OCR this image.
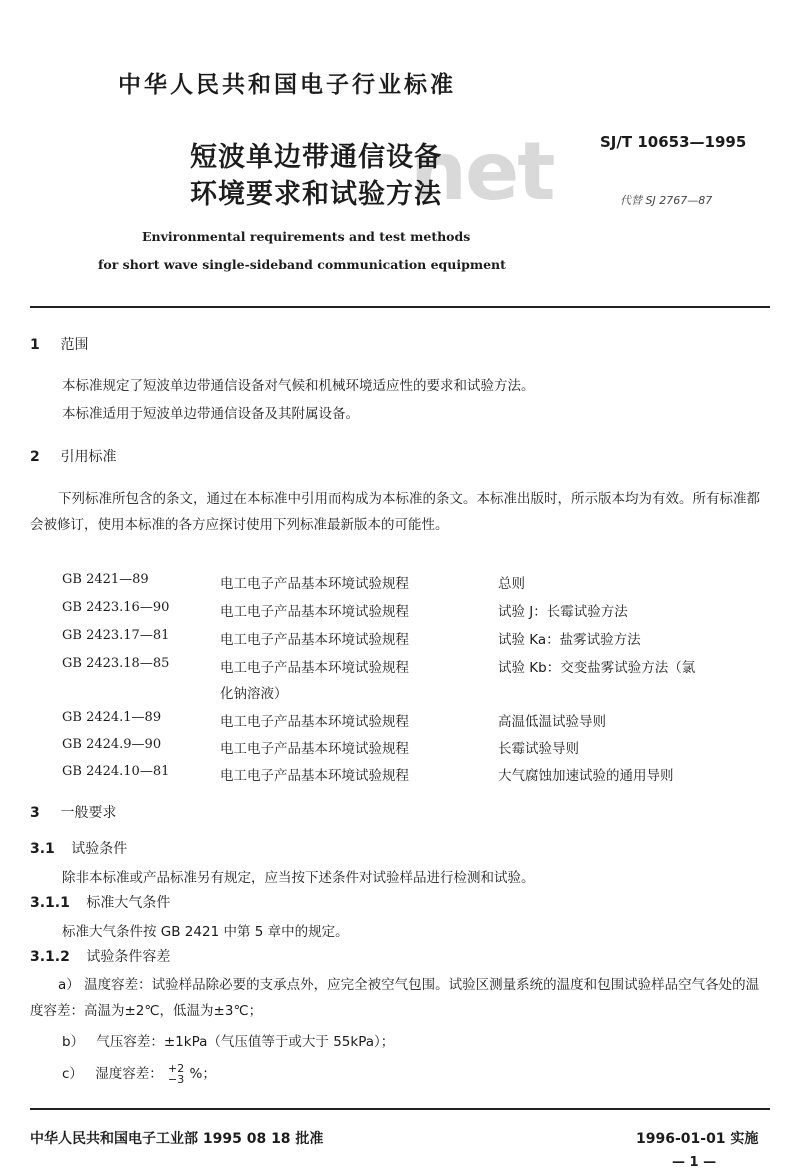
中华人民共和国电子行业标准
net
短波单边带通信设备
环境要求和试验方法
SJ/T 10653—1995
代替 SJ 2767—87
Environmental requirements and test methods
for short wave single-sideband communication equipment
1 范围
本标准规定了短波单边带通信设备对气候和机械环境适应性的要求和试验方法。
本标准适用于短波单边带通信设备及其附属设备。
2 引用标准
下列标准所包含的条文，通过在本标准中引用而构成为本标准的条文。本标准出版时，所示版本均为有效。所有标准都会被修订，使用本标准的各方应探讨使用下列标准最新版本的可能性。
GB 2421—89	电工电子产品基本环境试验规程	总则
GB 2423.16—90	电工电子产品基本环境试验规程	试验 J：长霉试验方法
GB 2423.17—81	电工电子产品基本环境试验规程	试验 Ka：盐雾试验方法
GB 2423.18—85	电工电子产品基本环境试验规程	试验 Kb：交变盐雾试验方法（氯
化钠溶液）
GB 2424.1—89	电工电子产品基本环境试验规程	高温低温试验导则
GB 2424.9—90	电工电子产品基本环境试验规程	长霉试验导则
GB 2424.10—81	电工电子产品基本环境试验规程	大气腐蚀加速试验的通用导则
3 一般要求
3.1 试验条件
除非本标准或产品标准另有规定，应当按下述条件对试验样品进行检测和试验。
3.1.1 标准大气条件
标准大气条件按 GB 2421 中第 5 章中的规定。
3.1.2 试验条件容差
a） 温度容差：试验样品除必要的支承点外，应完全被空气包围。试验区测量系统的温度和包围试验样品空气各处的温度容差：高温为±2℃，低温为±3℃；
b） 气压容差：±1kPa（气压值等于或大于 55kPa）；
c） 湿度容差： +2
−3 %；
中华人民共和国电子工业部 1995 08 18 批准	1996-01-01 实施
— 1 —
